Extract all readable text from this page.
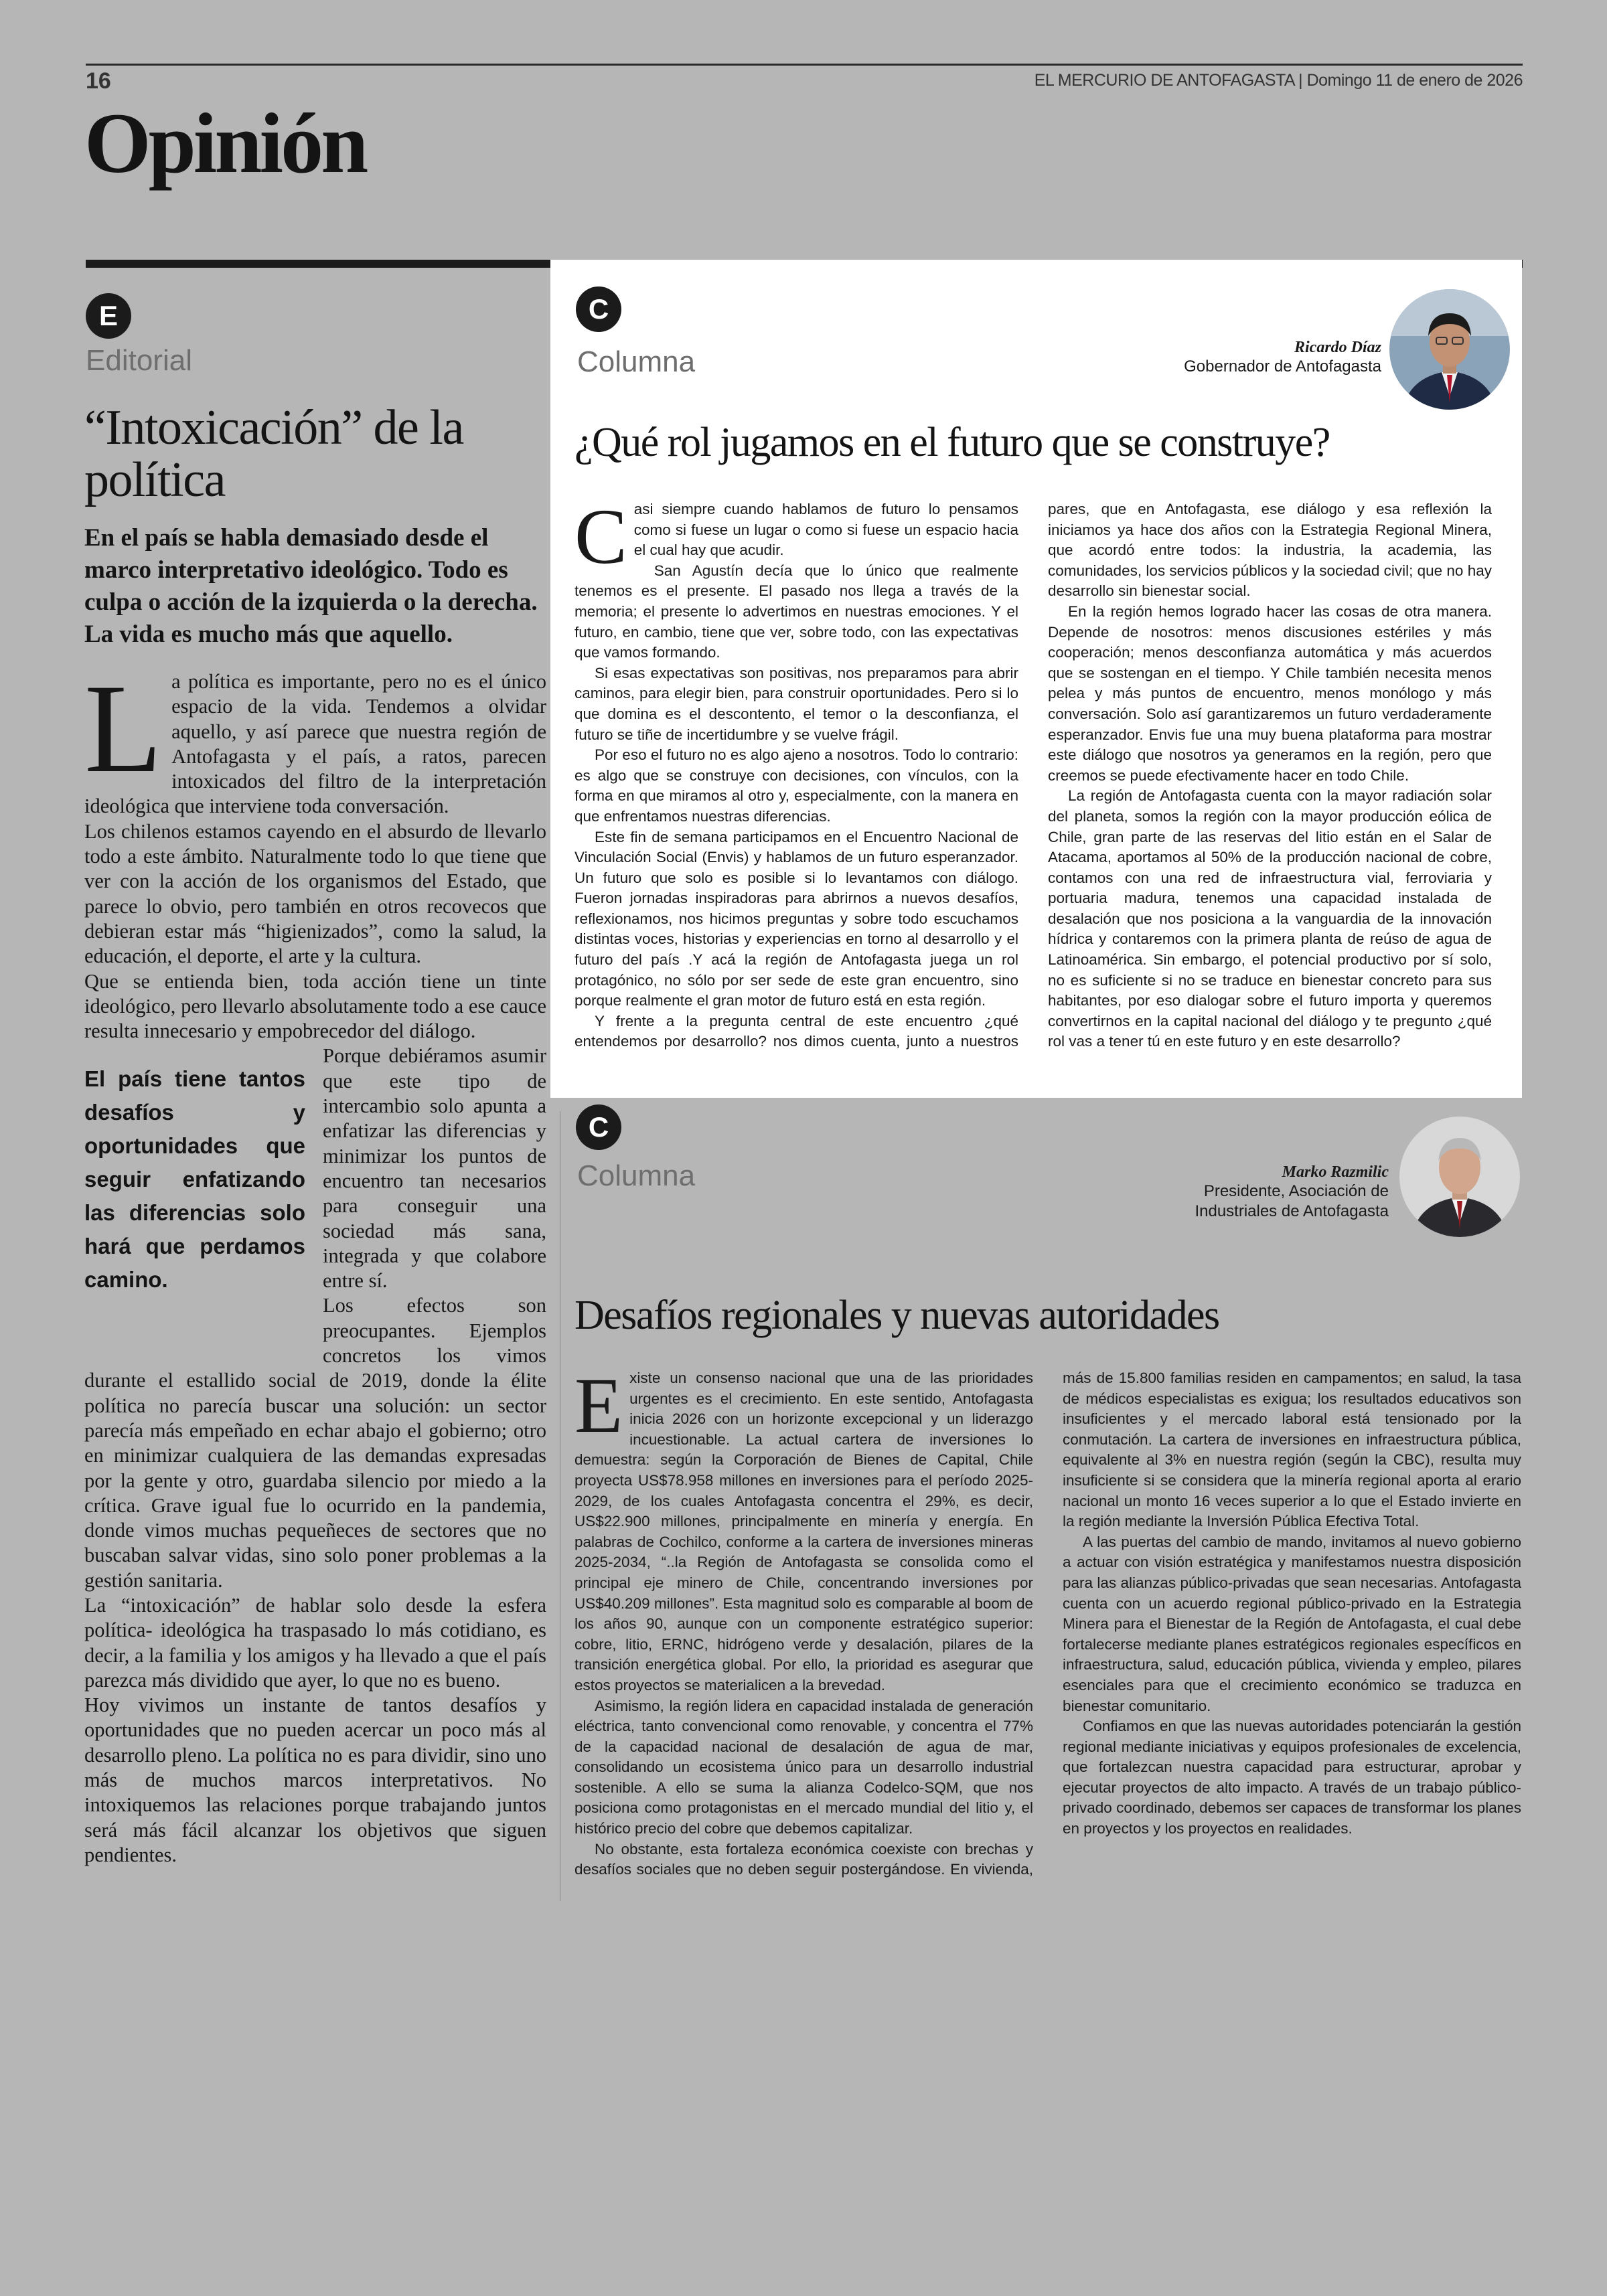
16	EL MERCURIO DE ANTOFAGASTA | Domingo 11 de enero de 2026
Opinión
E
Editorial
“Intoxicación” de la política
En el país se habla demasiado desde el marco interpretativo ideológico. Todo es culpa o acción de la izquierda o la derecha. La vida es mucho más que aquello.

La política es importante, pero no es el único espacio de la vida. Tendemos a olvidar aquello, y así parece que nuestra región de Antofagasta y el país, a ratos, parecen intoxicados del filtro de la interpretación ideológica que interviene toda conversación.

Los chilenos estamos cayendo en el absurdo de llevarlo todo a este ámbito. Naturalmente todo lo que tiene que ver con la acción de los organismos del Estado, que parece lo obvio, pero también en otros recovecos que debieran estar más “higienizados”, como la salud, la educación, el deporte, el arte y la cultura.

Que se entienda bien, toda acción tiene un tinte ideológico, pero llevarlo absolutamente todo a ese cauce resulta innecesario y empobrecedor del diálogo.

El país tiene tantos desafíos y oportunidades que seguir enfatizando las diferencias solo hará que perdamos camino.
Porque debiéramos asumir que este tipo de intercambio solo apunta a enfatizar las diferencias y minimizar los puntos de encuentro tan necesarios para conseguir una sociedad más sana, integrada y que colabore entre sí.

Los efectos son preocupantes. Ejemplos concretos los vimos durante el estallido social de 2019, donde la élite política no parecía buscar una solución: un sector parecía más empeñado en echar abajo el gobierno; otro en minimizar cualquiera de las demandas expresadas por la gente y otro, guardaba silencio por miedo a la crítica. Grave igual fue lo ocurrido en la pandemia, donde vimos muchas pequeñeces de sectores que no buscaban salvar vidas, sino solo poner problemas a la gestión sanitaria.

La “intoxicación” de hablar solo desde la esfera política- ideológica ha traspasado lo más cotidiano, es decir, a la familia y los amigos y ha llevado a que el país parezca más dividido que ayer, lo que no es bueno.

Hoy vivimos un instante de tantos desafíos y oportunidades que no pueden acercar un poco más al desarrollo pleno. La política no es para dividir, sino uno más de muchos marcos interpretativos. No intoxiquemos las relaciones porque trabajando juntos será más fácil alcanzar los objetivos que siguen pendientes.

C
Columna	Ricardo Díaz
Gobernador de Antofagasta
¿Qué rol jugamos en el futuro que se construye?

Casi siempre cuando hablamos de futuro lo pensamos como si fuese un lugar o como si fuese un espacio hacia el cual hay que acudir.

San Agustín decía que lo único que realmente tenemos es el presente. El pasado nos llega a través de la memoria; el presente lo advertimos en nuestras emociones. Y el futuro, en cambio, tiene que ver, sobre todo, con las expectativas que vamos formando.

Si esas expectativas son positivas, nos preparamos para abrir caminos, para elegir bien, para construir oportunidades. Pero si lo que domina es el descontento, el temor o la desconfianza, el futuro se tiñe de incertidumbre y se vuelve frágil.

Por eso el futuro no es algo ajeno a nosotros. Todo lo contrario: es algo que se construye con decisiones, con vínculos, con la forma en que miramos al otro y, especialmente, con la manera en que enfrentamos nuestras diferencias.

Este fin de semana participamos en el Encuentro Nacional de Vinculación Social (Envis) y hablamos de un futuro esperanzador. Un futuro que solo es posible si lo levantamos con diálogo. Fueron jornadas inspiradoras para abrirnos a nuevos desafíos, reflexionamos, nos hicimos preguntas y sobre todo escuchamos distintas voces, historias y experiencias en torno al desarrollo y el futuro del país .Y acá la región de Antofagasta juega un rol protagónico, no sólo por ser sede de este gran encuentro, sino porque realmente el gran motor de futuro está en esta región.

Y frente a la pregunta central de este encuentro ¿qué entendemos por desarrollo? nos dimos cuenta, junto a nuestros pares, que en Antofagasta, ese diálogo y esa reflexión la iniciamos ya hace dos años con la Estrategia Regional Minera, que acordó entre todos: la industria, la academia, las comunidades, los servicios públicos y la sociedad civil; que no hay desarrollo sin bienestar social.

En la región hemos logrado hacer las cosas de otra manera. Depende de nosotros: menos discusiones estériles y más cooperación; menos desconfianza automática y más acuerdos que se sostengan en el tiempo. Y Chile también necesita menos pelea y más puntos de encuentro, menos monólogo y más conversación. Solo así garantizaremos un futuro verdaderamente esperanzador. Envis fue una muy buena plataforma para mostrar este diálogo que nosotros ya generamos en la región, pero que creemos se puede efectivamente hacer en todo Chile.

La región de Antofagasta cuenta con la mayor radiación solar del planeta, somos la región con la mayor producción eólica de Chile, gran parte de las reservas del litio están en el Salar de Atacama, aportamos al 50% de la producción nacional de cobre, contamos con una red de infraestructura vial, ferroviaria y portuaria madura, tenemos una capacidad instalada de desalación que nos posiciona a la vanguardia de la innovación hídrica y contaremos con la primera planta de reúso de agua de Latinoamérica. Sin embargo, el potencial productivo por sí solo, no es suficiente si no se traduce en bienestar concreto para sus habitantes, por eso dialogar sobre el futuro importa y queremos convertirnos en la capital nacional del diálogo y te pregunto ¿qué rol vas a tener tú en este futuro y en este desarrollo?

C
Columna	Marko Razmilic
Presidente, Asociación de
Industriales de Antofagasta
Desafíos regionales y nuevas autoridades

Existe un consenso nacional que una de las prioridades urgentes es el crecimiento. En este sentido, Antofagasta inicia 2026 con un horizonte excepcional y un liderazgo incuestionable. La actual cartera de inversiones lo demuestra: según la Corporación de Bienes de Capital, Chile proyecta US$78.958 millones en inversiones para el período 2025-2029, de los cuales Antofagasta concentra el 29%, es decir, US$22.900 millones, principalmente en minería y energía. En palabras de Cochilco, conforme a la cartera de inversiones mineras 2025-2034, “..la Región de Antofagasta se consolida como el principal eje minero de Chile, concentrando inversiones por US$40.209 millones”. Esta magnitud solo es comparable al boom de los años 90, aunque con un componente estratégico superior: cobre, litio, ERNC, hidrógeno verde y desalación, pilares de la transición energética global. Por ello, la prioridad es asegurar que estos proyectos se materialicen a la brevedad.

Asimismo, la región lidera en capacidad instalada de generación eléctrica, tanto convencional como renovable, y concentra el 77% de la capacidad nacional de desalación de agua de mar, consolidando un ecosistema único para un desarrollo industrial sostenible. A ello se suma la alianza Codelco-SQM, que nos posiciona como protagonistas en el mercado mundial del litio y, el histórico precio del cobre que debemos capitalizar.

No obstante, esta fortaleza económica coexiste con brechas y desafíos sociales que no deben seguir postergándose. En vivienda, más de 15.800 familias residen en campamentos; en salud, la tasa de médicos especialistas es exigua; los resultados educativos son insuficientes y el mercado laboral está tensionado por la conmutación. La cartera de inversiones en infraestructura pública, equivalente al 3% en nuestra región (según la CBC), resulta muy insuficiente si se considera que la minería regional aporta al erario nacional un monto 16 veces superior a lo que el Estado invierte en la región mediante la Inversión Pública Efectiva Total.

A las puertas del cambio de mando, invitamos al nuevo gobierno a actuar con visión estratégica y manifestamos nuestra disposición para las alianzas público-privadas que sean necesarias. Antofagasta cuenta con un acuerdo regional público-privado en la Estrategia Minera para el Bienestar de la Región de Antofagasta, el cual debe fortalecerse mediante planes estratégicos regionales específicos en infraestructura, salud, educación pública, vivienda y empleo, pilares esenciales para que el crecimiento económico se traduzca en bienestar comunitario.

Confiamos en que las nuevas autoridades potenciarán la gestión regional mediante iniciativas y equipos profesionales de excelencia, que fortalezcan nuestra capacidad para estructurar, aprobar y ejecutar proyectos de alto impacto. A través de un trabajo público-privado coordinado, debemos ser capaces de transformar los planes en proyectos y los proyectos en realidades.
